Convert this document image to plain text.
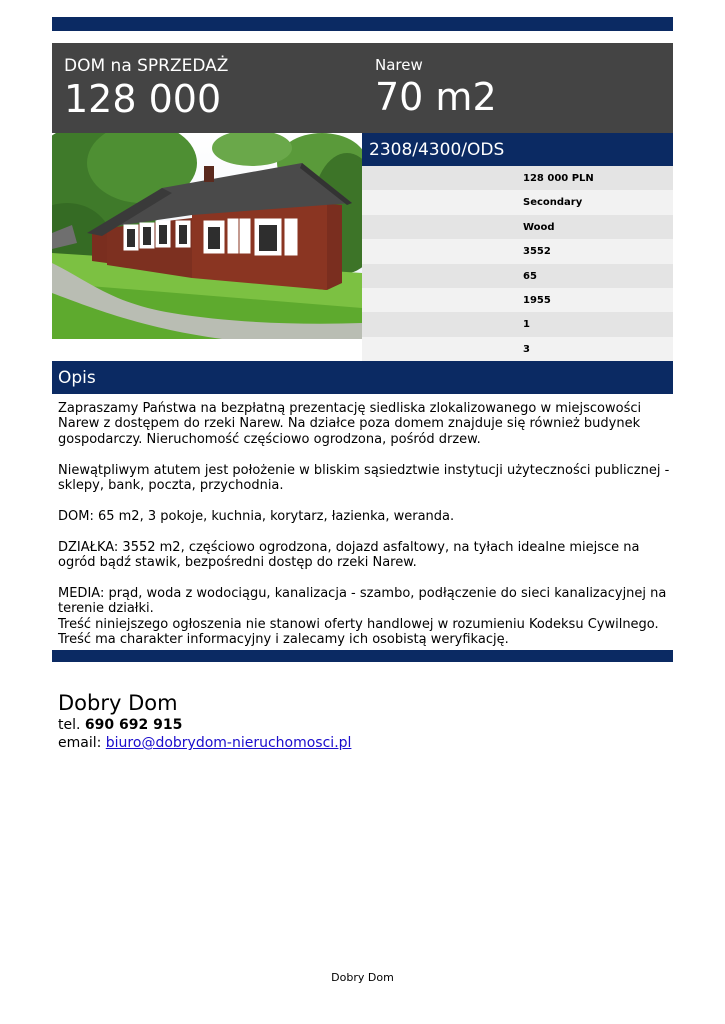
DOM na SPRZEDAŻ
128 000
Narew
70 m2
2308/4300/ODS
128 000 PLN
Secondary
Wood
3552
65
1955
1
3
Opis

Zapraszamy Państwa na bezpłatną prezentację siedliska zlokalizowanego w miejscowości Narew z dostępem do rzeki Narew. Na działce poza domem znajduje się również budynek gospodarczy. Nieruchomość częściowo ogrodzona, pośród drzew.

Niewątpliwym atutem jest położenie w bliskim sąsiedztwie instytucji użyteczności publicznej - sklepy, bank, poczta, przychodnia.

DOM: 65 m2, 3 pokoje, kuchnia, korytarz, łazienka, weranda.

DZIAŁKA: 3552 m2, częściowo ogrodzona, dojazd asfaltowy, na tyłach idealne miejsce na ogród bądź stawik, bezpośredni dostęp do rzeki Narew.

MEDIA: prąd, woda z wodociągu, kanalizacja - szambo, podłączenie do sieci kanalizacyjnej na terenie działki.

Treść niniejszego ogłoszenia nie stanowi oferty handlowej w rozumieniu Kodeksu Cywilnego. Treść ma charakter informacyjny i zalecamy ich osobistą weryfikację.

Dobry Dom
tel. 690 692 915
email: biuro@dobrydom-nieruchomosci.pl
Dobry Dom
